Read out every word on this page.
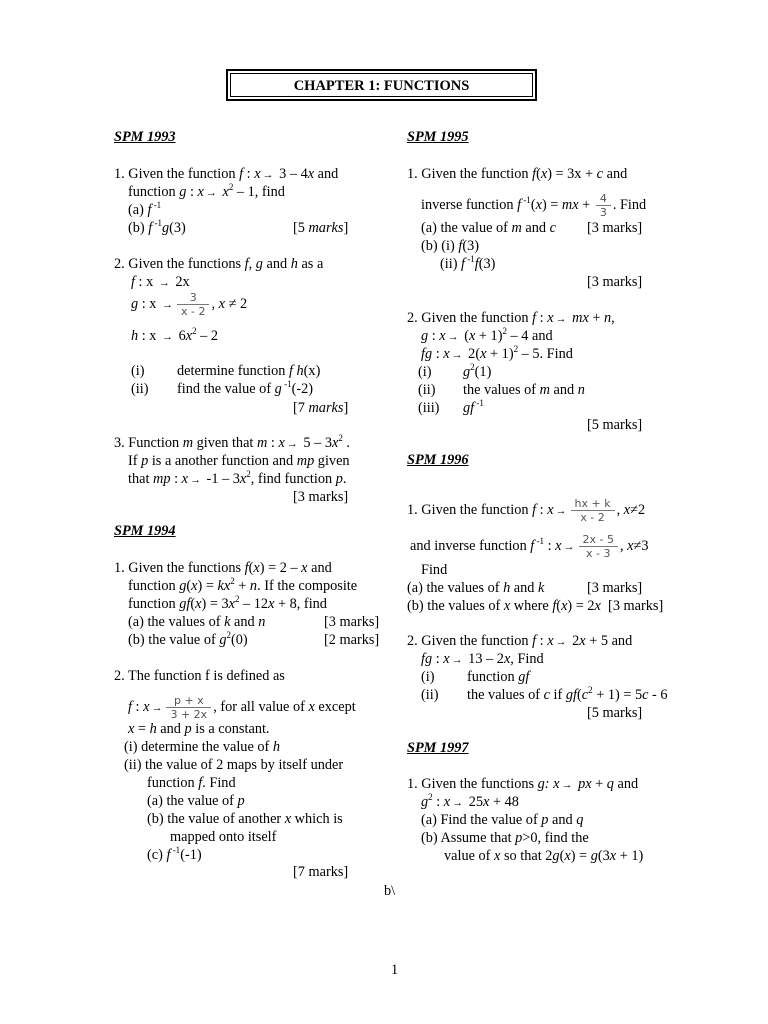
CHAPTER 1: FUNCTIONS
SPM 1993
1. Given the function f : x → 3 – 4x and
function g : $x \to x^2 - 1$, find
(a) f $^{-1}$
(b) f $^{-1}$g(3)	[5 marks]
2. Given the functions f, g and h as a
f : x → 2x
g : $x \to \frac{3}{x - 2}$ , x ≠ 2
h : $x \to 6x^2 - 2$
(i) determine function f h(x)
(ii) find the value of g $^{-1}$(-2)
[7 marks]
3. Function m given that m : $x \to 5 - 3x^2$ .
If p is a another function and mp given
that mp : $x \to -1 - 3x^2$, find function p.
[3 marks]
SPM 1994
1. Given the functions f(x) = 2 – x and
function $g(x) = kx^2 + n$. If the composite
function $gf(x) = 3x^2 - 12x + 8$, find
(a) the values of k and n	[3 marks]
(b) the value of $g^2(0)$	[2 marks]
2. The function f is defined as
f : $x \to \frac{p + x}{3 + 2x}$ , for all value of x except
x = h and p is a constant.
(i) determine the value of h
(ii) the value of 2 maps by itself under
function f. Find
(a) the value of p
(b) the value of another x which is
mapped onto itself
(c) f $^{-1}$(-1)
[7 marks]
SPM 1995
1. Given the function f(x) = 3x + c and
inverse function f $^{-1}$(x) = mx + $\frac{4}{3}$ . Find
(a) the value of m and c [3 marks]
(b) (i) f(3)
(ii) f $^{-1}$f(3)
[3 marks]
2. Given the function f : x → mx + n,
g : $x \to (x + 1)^2 - 4$ and
fg : $x \to 2(x + 1)^2 - 5$. Find
(i) $g^2(1)$
(ii) the values of m and n
(iii) gf $^{-1}$
[5 marks]
SPM 1996
1. Given the function f : $x \to \frac{hx + k}{x - 2}$ , x≠2
and inverse function f $^{-1}$ : $x \to \frac{2x - 5}{x - 3}$ , x≠3
Find
(a) the values of h and k	[3 marks]
(b) the values of x where f(x) = 2x  [3 marks]
2. Given the function f : x → 2x + 5 and
fg : x → 13 – 2x, Find
(i) function gf
(ii) the values of c if $gf(c^2 + 1) = 5c - 6$
[5 marks]
SPM 1997
1. Given the functions g: x → px + q and
$g^2$ : x → 25x + 48
(a) Find the value of p and q
(b) Assume that p>0, find the
value of x so that 2g(x) = g(3x + 1)
b\
1
